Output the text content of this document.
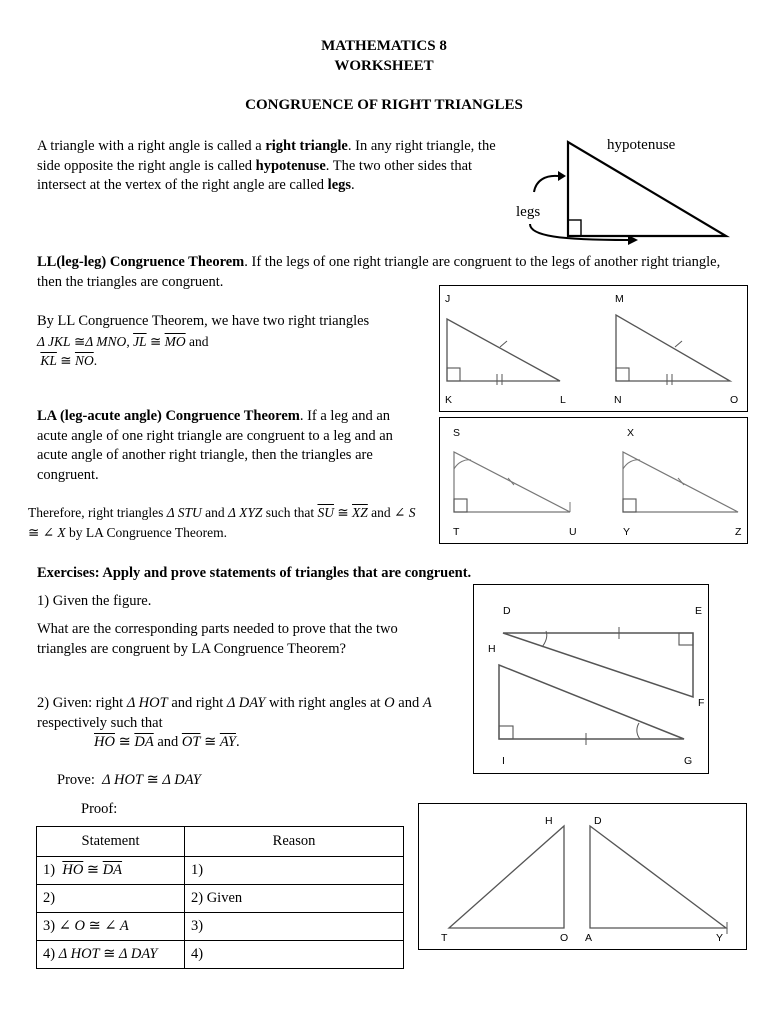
MATHEMATICS 8
WORKSHEET
CONGRUENCE OF RIGHT TRIANGLES
A triangle with a right angle is called a right triangle. In any right triangle, the side opposite the right angle is called hypotenuse. The two other sides that intersect at the vertex of the right angle are called legs.
hypotenuse
legs
LL(leg-leg) Congruence Theorem. If the legs of one right triangle are congruent to the legs of another right triangle, then the triangles are congruent.
By LL Congruence Theorem, we have two right triangles
Δ JKL ≅Δ MNO, $\overline{JL}$ ≅ $\overline{MO}$ and
$\overline{KL}$ ≅ $\overline{NO}$.
J
K	L
M
N	O
LA (leg-acute angle) Congruence Theorem. If a leg and an acute angle of one right triangle are congruent to a leg and an acute angle of another right triangle, then the triangles are congruent.
Therefore, right triangles Δ STU and Δ XYZ such that $\overline{SU}$ ≅ $\overline{XZ}$ and ∠ S ≅ ∠ X by LA Congruence Theorem.
S
T	U
X
Y	Z
Exercises: Apply and prove statements of triangles that are congruent.
1) Given the figure.
What are the corresponding parts needed to prove that the two triangles are congruent by LA Congruence Theorem?
D	E
F
H
I	G
2) Given: right Δ HOT and right Δ DAY with right angles at O and A respectively such that
$\overline{HO}$ ≅ $\overline{DA}$ and $\overline{OT}$ ≅ $\overline{AY}$.
Prove: Δ HOT ≅ Δ DAY
Proof:
Statement	Reason
1) $\overline{HO}$ ≅ $\overline{DA}$	1)
2)	2) Given
3) ∠ O ≅ ∠ A	3)
4) Δ HOT ≅ Δ DAY	4)
H	D
T	O A	Y
